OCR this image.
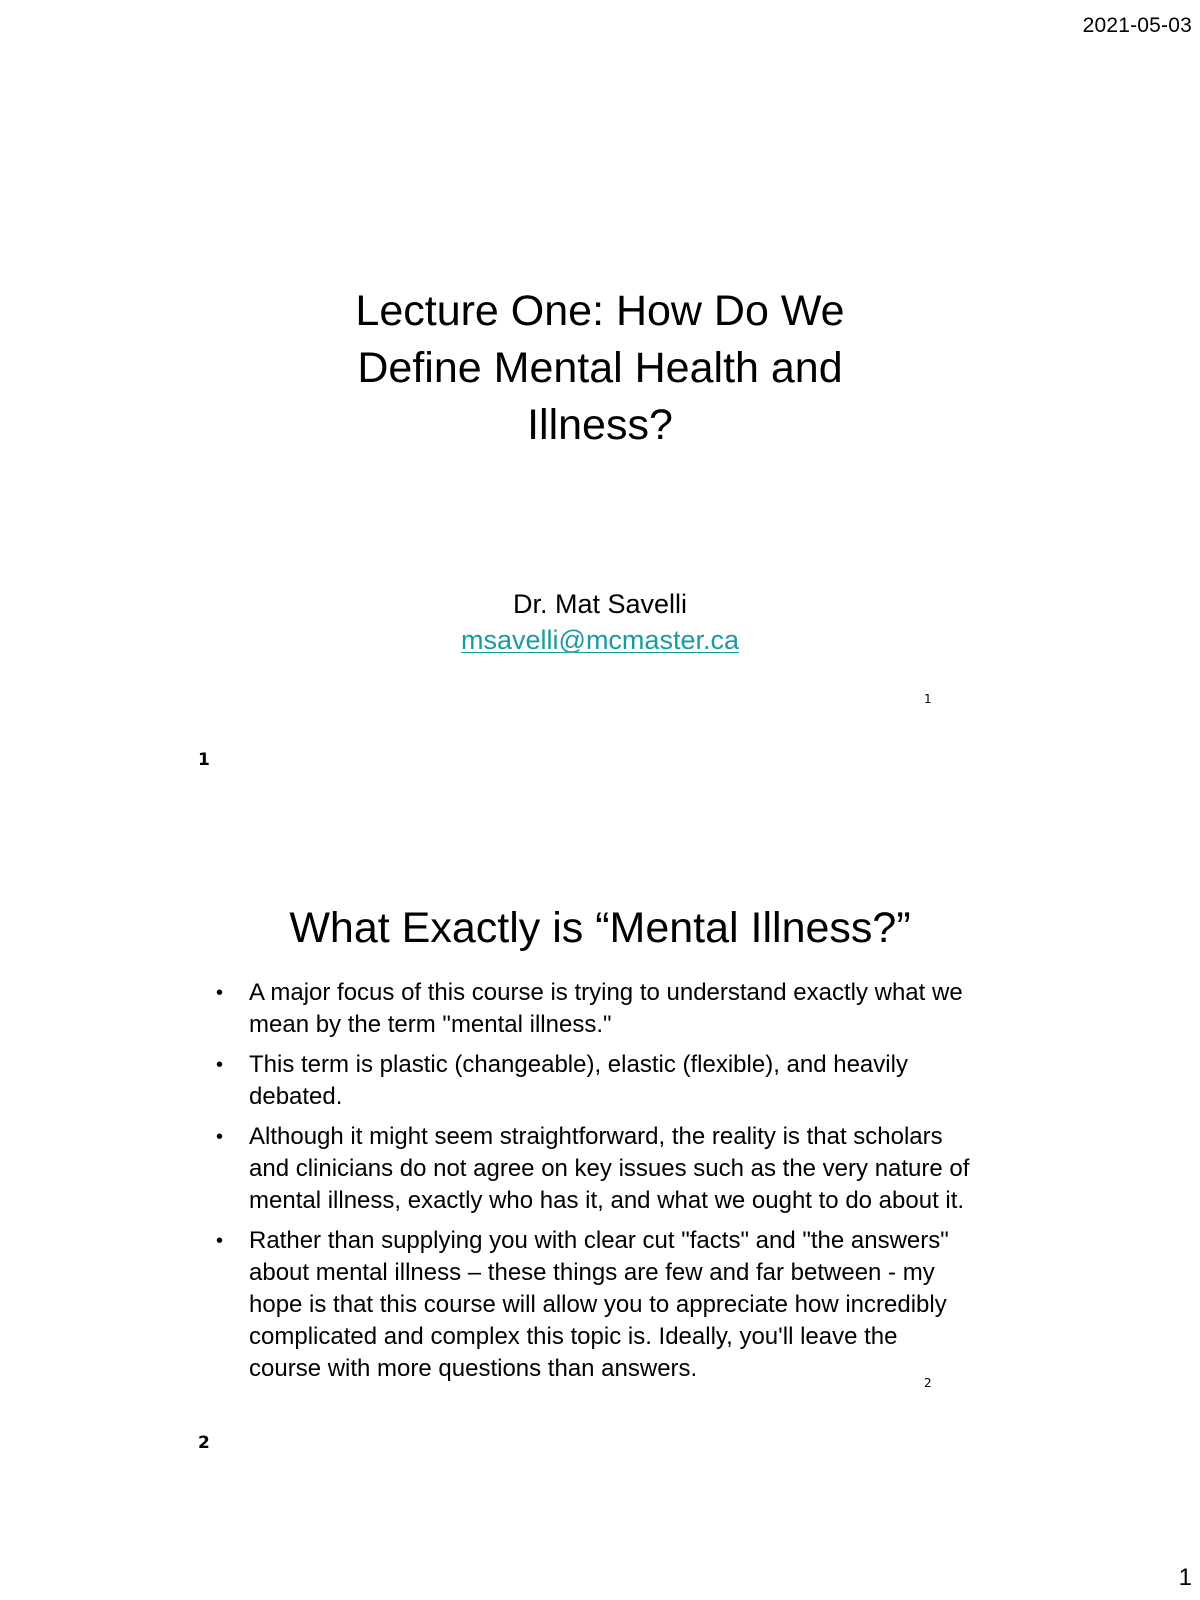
2021-05-03
Lecture One: How Do We
Define Mental Health and
Illness?
Dr. Mat Savelli
msavelli@mcmaster.ca
1
1
What Exactly is “Mental Illness?”
• A major focus of this course is trying to understand exactly what we mean by the term "mental illness."
• This term is plastic (changeable), elastic (flexible), and heavily debated.
• Although it might seem straightforward, the reality is that scholars and clinicians do not agree on key issues such as the very nature of mental illness, exactly who has it, and what we ought to do about it.
• Rather than supplying you with clear cut "facts" and "the answers" about mental illness – these things are few and far between - my hope is that this course will allow you to appreciate how incredibly complicated and complex this topic is. Ideally, you'll leave the course with more questions than answers.
2
2
1
